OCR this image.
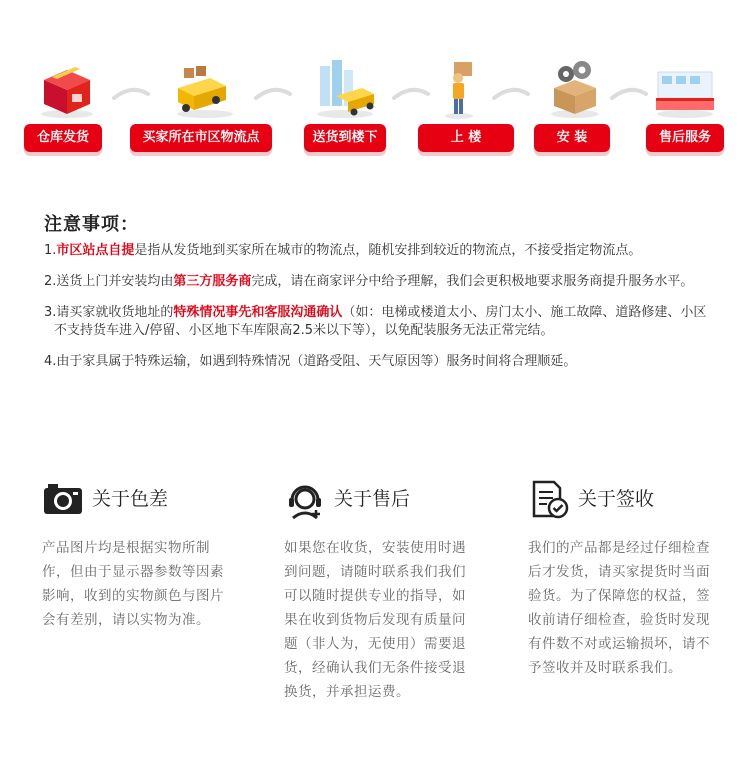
仓库发货	买家所在市区物流点	送货到楼下	上 楼	安 装	售后服务
注意事项：
1.市区站点自提是指从发货地到买家所在城市的物流点，随机安排到较近的物流点，不接受指定物流点。
2.送货上门并安装均由第三方服务商完成，请在商家评分中给予理解，我们会更积极地要求服务商提升服务水平。
3.请买家就收货地址的特殊情况事先和客服沟通确认（如：电梯或楼道太小、房门太小、施工故障、道路修建、小区不支持货车进入/停留、小区地下车库限高2.5米以下等），以免配装服务无法正常完结。
4.由于家具属于特殊运输，如遇到特殊情况（道路受阻、天气原因等）服务时间将合理顺延。
关于色差
产品图片均是根据实物所制作，但由于显示器参数等因素影响，收到的实物颜色与图片会有差别，请以实物为准。
关于售后
如果您在收货，安装使用时遇到问题，请随时联系我们我们可以随时提供专业的指导，如果在收到货物后发现有质量问题（非人为，无使用）需要退货，经确认我们无条件接受退换货，并承担运费。
关于签收
我们的产品都是经过仔细检查后才发货，请买家提货时当面验货。为了保障您的权益，签收前请仔细检查，验货时发现有件数不对或运输损坏，请不予签收并及时联系我们。
